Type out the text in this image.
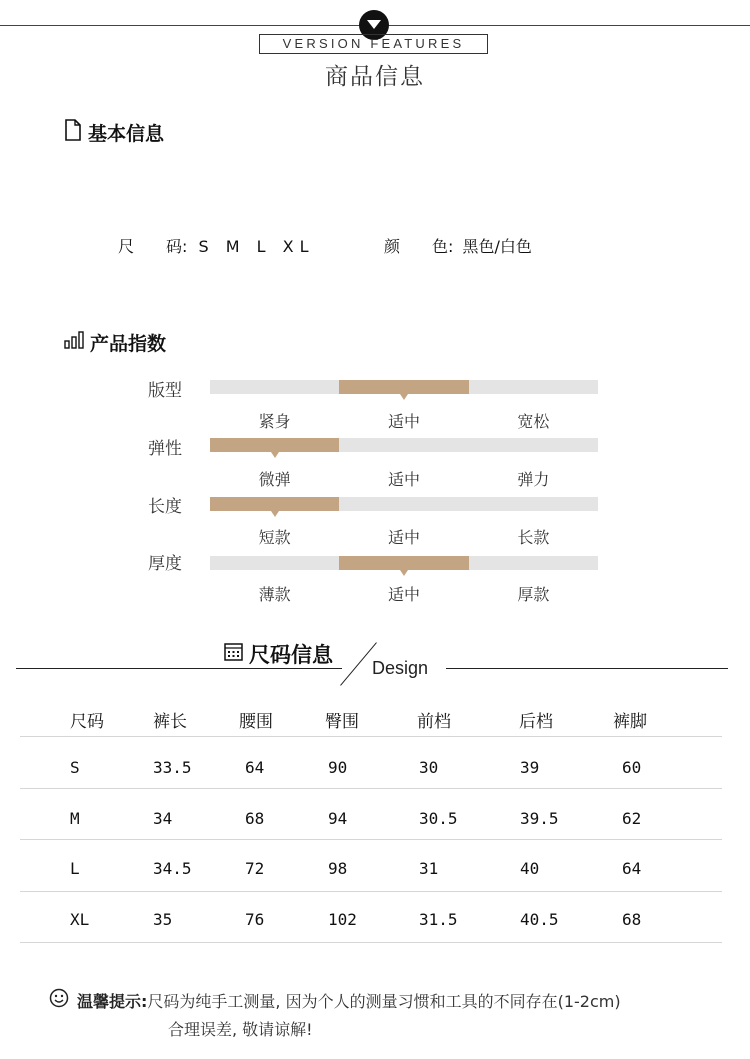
VERSION FEATURES
商品信息
基本信息
尺　　码: S M L XL	颜　　色: 黑色/白色
产品指数
版型
紧身	适中	宽松
弹性
微弹	适中	弹力
长度
短款	适中	长款
厚度
薄款	适中	厚款
尺码信息
Design
尺码	裤长	腰围	臀围	前档	后档	裤脚
S	33.5	64	90	30	39	60
M	34	68	94	30.5	39.5	62
L	34.5	72	98	31	40	64
XL	35	76	102	31.5	40.5	68
温馨提示:尺码为纯手工测量, 因为个人的测量习惯和工具的不同存在(1-2cm)
合理误差, 敬请谅解!
